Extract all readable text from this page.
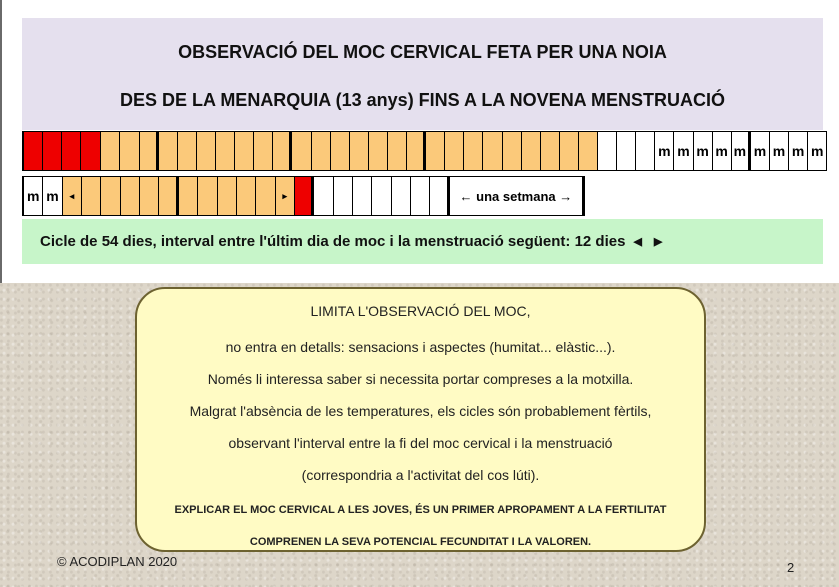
OBSERVACIÓ DEL MOC CERVICAL FETA PER UNA NOIA
DES DE LA MENARQUIA (13 anys) FINS A LA NOVENA MENSTRUACIÓ
m m m m m m m m m
m m	◂	▸	← una setmana →
Cicle de 54 dies, interval entre l'últim dia de moc i la menstruació següent: 12 dies ◀ ▶
LIMITA L'OBSERVACIÓ DEL MOC,
no entra en detalls: sensacions i aspectes (humitat... elàstic...).
Només li interessa saber si necessita portar compreses a la motxilla.
Malgrat l'absència de les temperatures, els cicles són probablement fèrtils,
observant l'interval entre la fi del moc cervical i la menstruació
(correspondria a l'activitat del cos lúti).
EXPLICAR EL MOC CERVICAL A LES JOVES, ÉS UN PRIMER APROPAMENT A LA FERTILITAT
COMPRENEN LA SEVA POTENCIAL FECUNDITAT I LA VALOREN.
© ACODIPLAN 2020	2
